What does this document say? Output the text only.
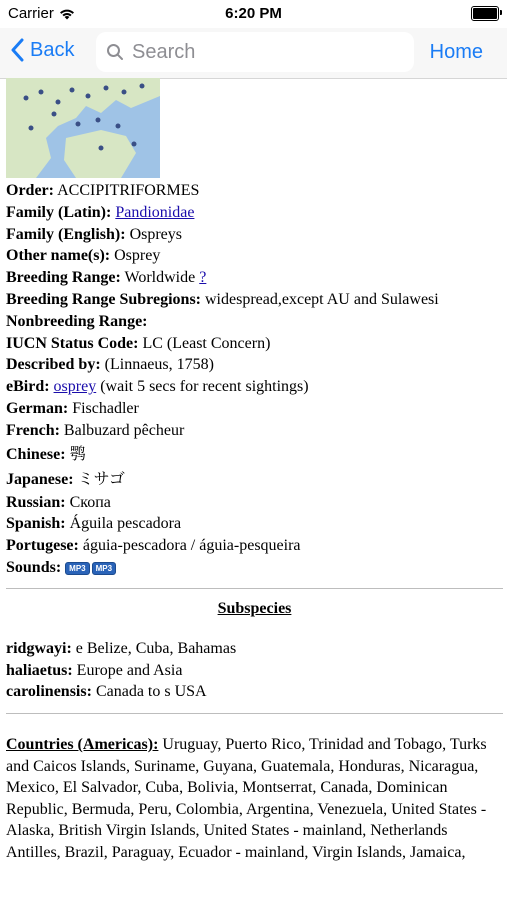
Carrier	6:20 PM
Back	Search	Home
Order: ACCIPITRIFORMES
Family (Latin): Pandionidae
Family (English): Ospreys
Other name(s): Osprey
Breeding Range: Worldwide ?
Breeding Range Subregions: widespread,except AU and Sulawesi
Nonbreeding Range:
IUCN Status Code: LC (Least Concern)
Described by: (Linnaeus, 1758)
eBird: osprey (wait 5 secs for recent sightings)
German: Fischadler
French: Balbuzard pêcheur
Chinese: 鹗
Japanese: ミサゴ
Russian: Скопа
Spanish: Águila pescadora
Portugese: águia-pescadora / águia-pesqueira
Sounds: MP3 MP3
Subspecies
ridgwayi: e Belize, Cuba, Bahamas
haliaetus: Europe and Asia
carolinensis: Canada to s USA
Countries (Americas): Uruguay, Puerto Rico, Trinidad and Tobago, Turks and Caicos Islands, Suriname, Guyana, Guatemala, Honduras, Nicaragua, Mexico, El Salvador, Cuba, Bolivia, Montserrat, Canada, Dominican Republic, Bermuda, Peru, Colombia, Argentina, Venezuela, United States - Alaska, British Virgin Islands, United States - mainland, Netherlands Antilles, Brazil, Paraguay, Ecuador - mainland, Virgin Islands, Jamaica,
